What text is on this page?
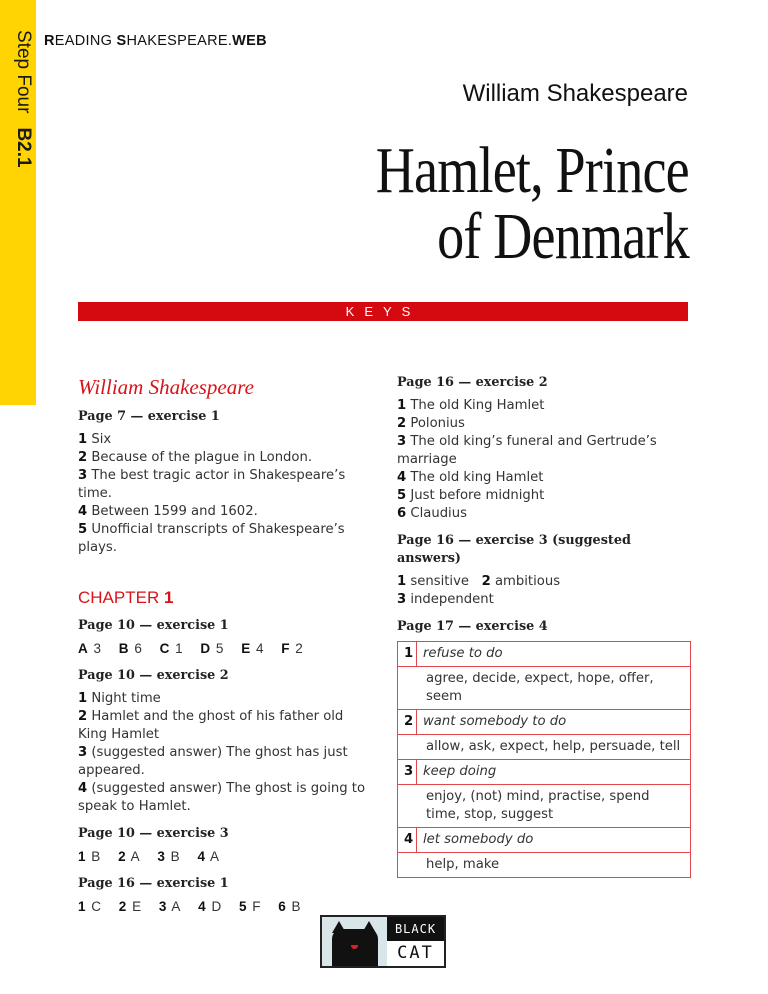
Step FourB2.1
READING SHAKESPEARE.WEB
William Shakespeare
Hamlet, Prince
of Denmark
KEYS
William Shakespeare
Page 7 — exercise 1
1 Six
2 Because of the plague in London.
3 The best tragic actor in Shakespeare’s time.
4 Between 1599 and 1602.
5 Unofficial transcripts of Shakespeare’s plays.
CHAPTER 1
Page 10 — exercise 1
A 3 B 6 C 1 D 5 E 4 F 2
Page 10 — exercise 2
1 Night time
2 Hamlet and the ghost of his father old King Hamlet
3 (suggested answer) The ghost has just appeared.
4 (suggested answer) The ghost is going to speak to Hamlet.
Page 10 — exercise 3
1 B 2 A 3 B 4 A
Page 16 — exercise 1
1 C 2 E 3 A 4 D 5 F 6 B
Page 16 — exercise 2
1 The old King Hamlet
2 Polonius
3 The old king’s funeral and Gertrude’s marriage
4 The old king Hamlet
5 Just before midnight
6 Claudius
Page 16 — exercise 3 (suggested answers)
1 sensitive 2 ambitious
3 independent
Page 17 — exercise 4
1	refuse to do
agree, decide, expect, hope, offer, seem	
2	want somebody to do
allow, ask, expect, help, persuade, tell	
3	keep doing
enjoy, (not) mind, practise, spend time, stop, suggest	
4	let somebody do
help, make	
BLACK
CAT
